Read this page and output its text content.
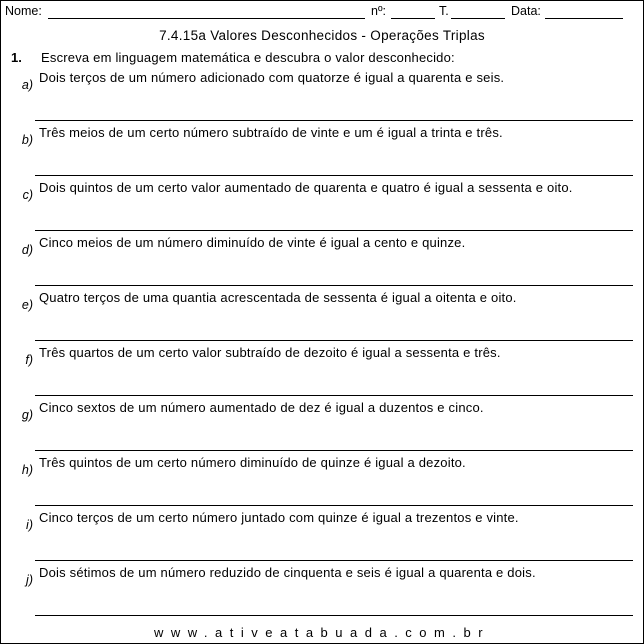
Nome:	nº:	T.	Data:
7.4.15a Valores Desconhecidos - Operações Triplas
1. Escreva em linguagem matemática e descubra o valor desconhecido:
a) Dois terços de um número adicionado com quatorze é igual a quarenta e seis.
b) Três meios de um certo número subtraído de vinte e um é igual a trinta e três.
c) Dois quintos de um certo valor aumentado de quarenta e quatro é igual a sessenta e oito.
d) Cinco meios de um número diminuído de vinte é igual a cento e quinze.
e) Quatro terços de uma quantia acrescentada de sessenta é igual a oitenta e oito.
f) Três quartos de um certo valor subtraído de dezoito é igual a sessenta e três.
g) Cinco sextos de um número aumentado de dez é igual a duzentos e cinco.
h) Três quintos de um certo número diminuído de quinze é igual a dezoito.
i) Cinco terços de um certo número juntado com quinze é igual a trezentos e vinte.
j) Dois sétimos de um número reduzido de cinquenta e seis é igual a quarenta e dois.
www.ativeatabuada.com.br
